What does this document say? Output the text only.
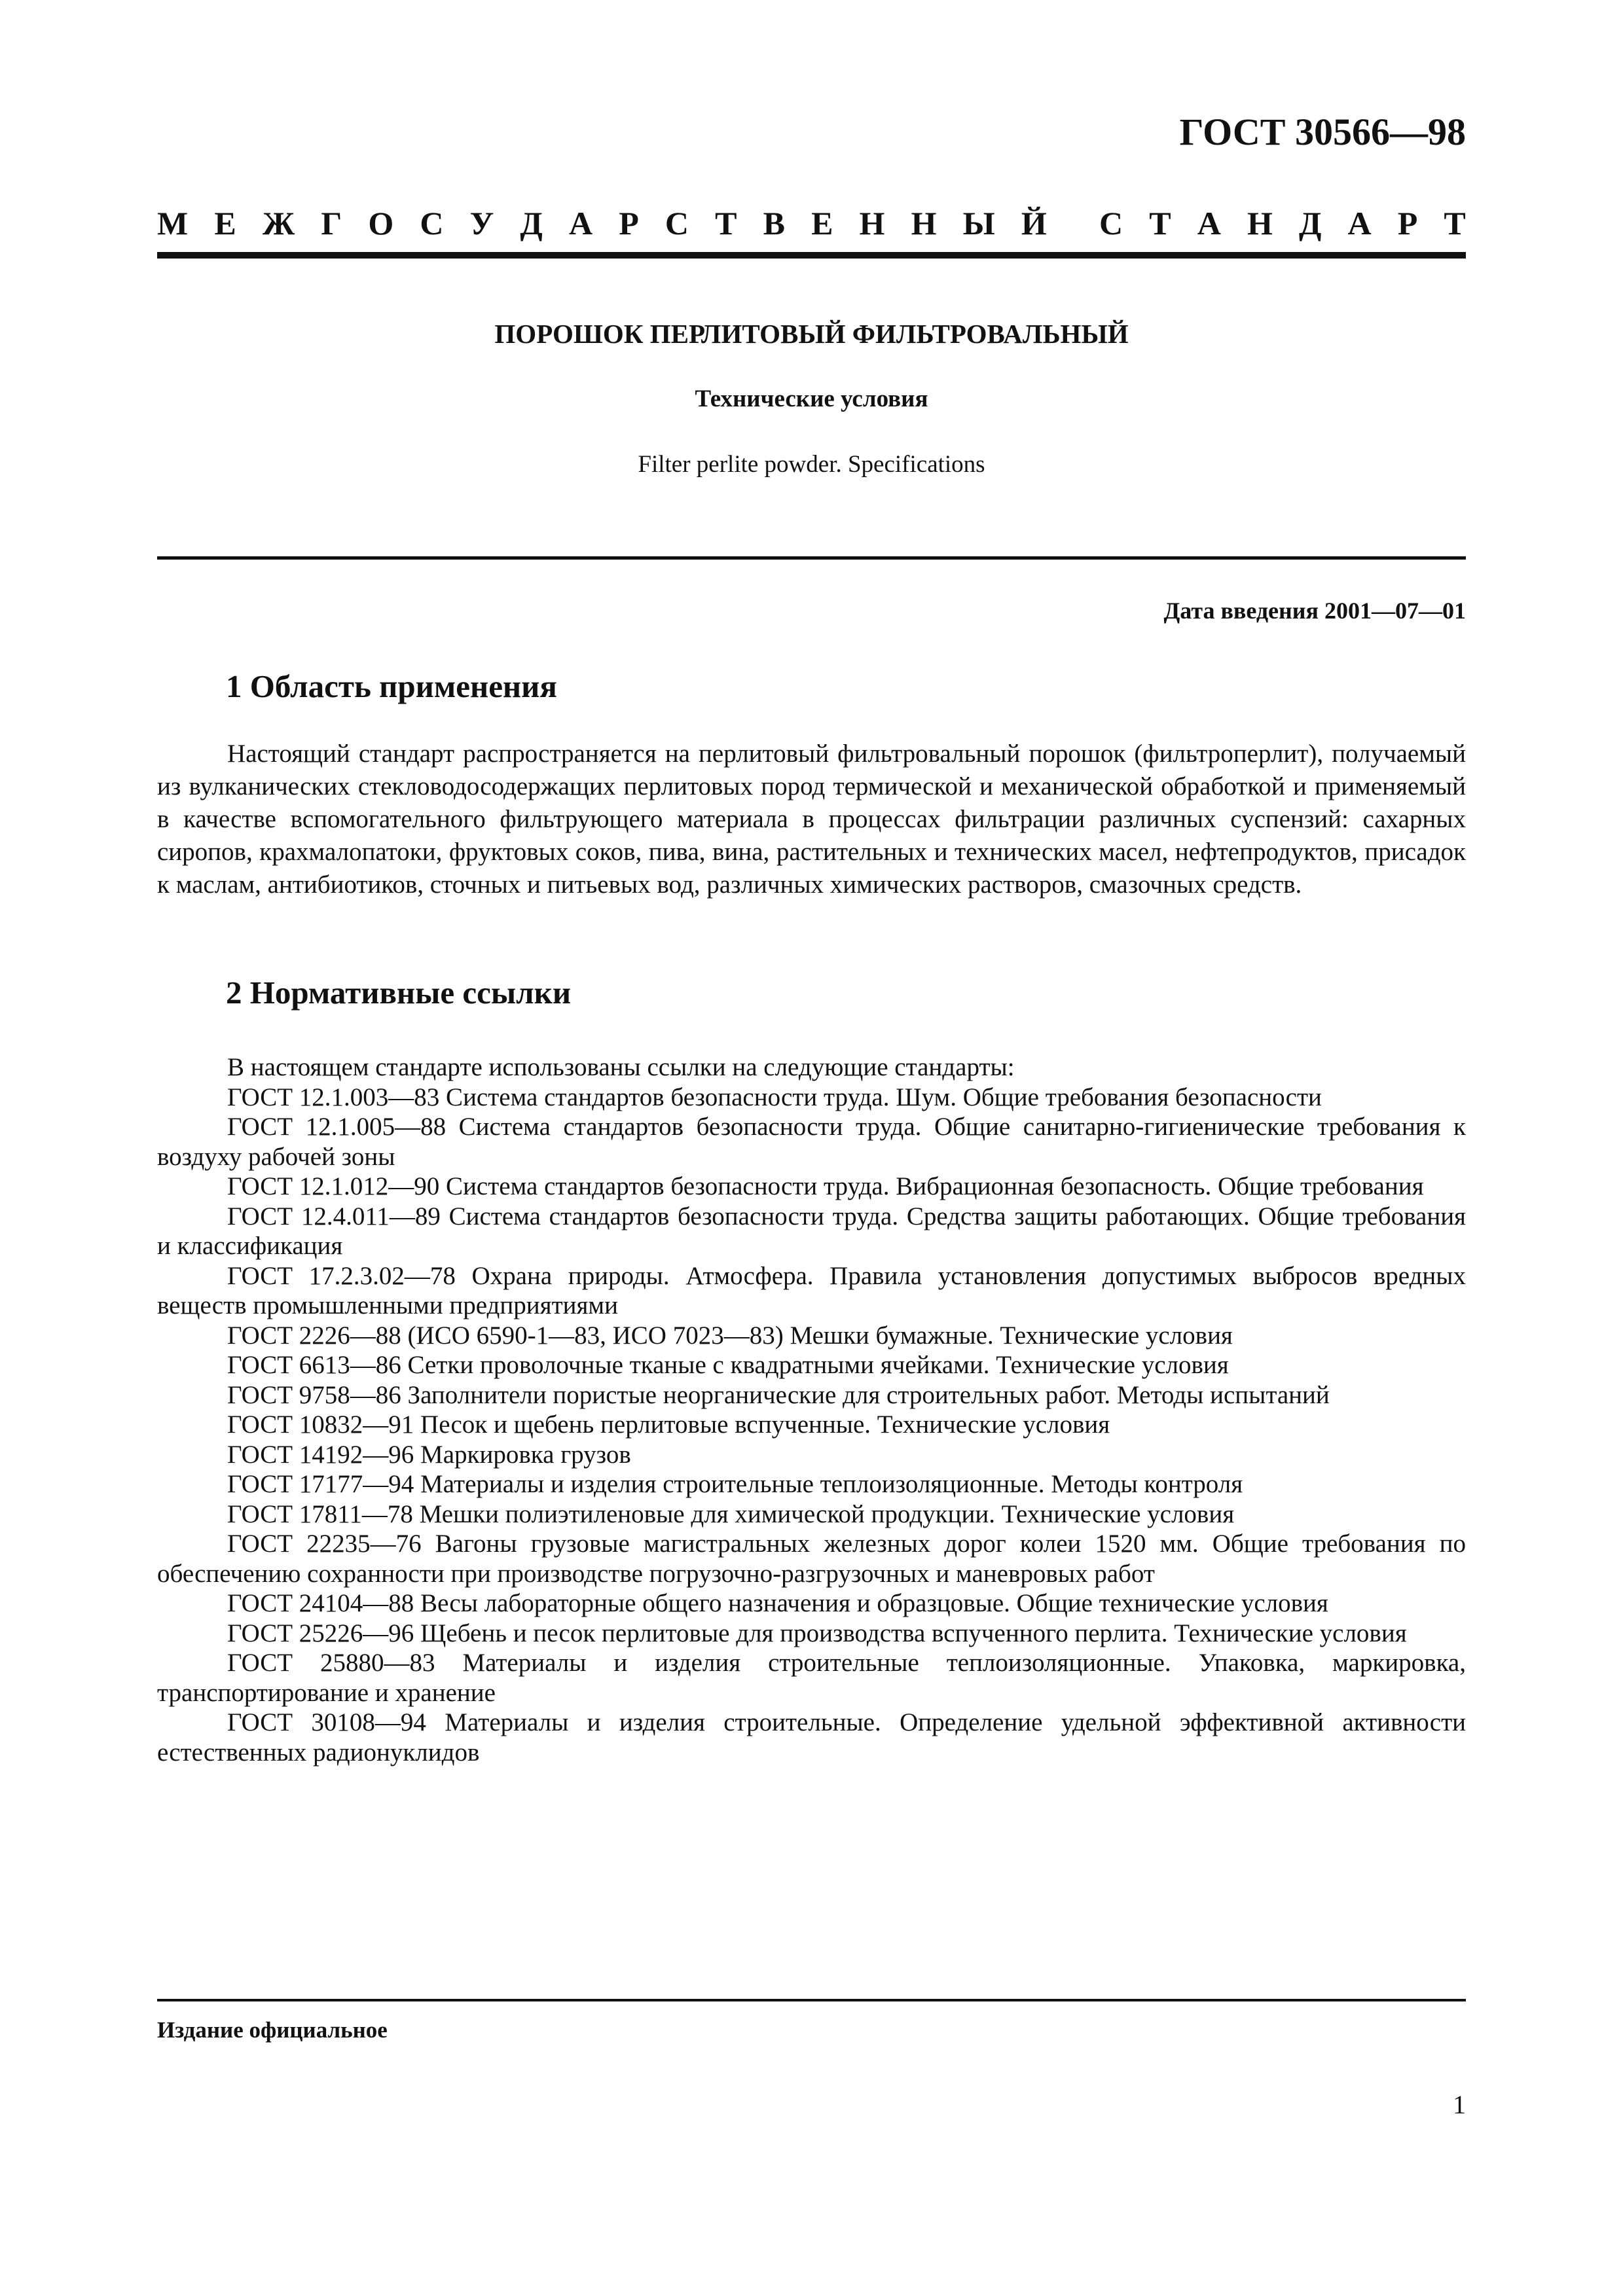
ГОСТ 30566—98

М Е Ж Г О С У Д А Р С Т В Е Н Н Ы Й С Т А Н Д А Р Т
ПОРОШОК ПЕРЛИТОВЫЙ ФИЛЬТРОВАЛЬНЫЙ

Технические условия

Filter perlite powder. Specifications

Дата введения 2001—07—01

1 Область применения

Настоящий стандарт распространяется на перлитовый фильтровальный порошок (фильтроперлит), получаемый из вулканических стекловодосодержащих перлитовых пород термической и механической обработкой и применяемый в качестве вспомогательного фильтрующего материала в процессах фильтрации различных суспензий: сахарных сиропов, крахмалопатоки, фруктовых соков, пива, вина, растительных и технических масел, нефтепродуктов, присадок к маслам, антибиотиков, сточных и питьевых вод, различных химических растворов, смазочных средств.

2 Нормативные ссылки

В настоящем стандарте использованы ссылки на следующие стандарты:

ГОСТ 12.1.003—83 Система стандартов безопасности труда. Шум. Общие требования безопасности

ГОСТ 12.1.005—88 Система стандартов безопасности труда. Общие санитарно-гигиенические требования к воздуху рабочей зоны

ГОСТ 12.1.012—90 Система стандартов безопасности труда. Вибрационная безопасность. Общие требования

ГОСТ 12.4.011—89 Система стандартов безопасности труда. Средства защиты работающих. Общие требования и классификация

ГОСТ 17.2.3.02—78 Охрана природы. Атмосфера. Правила установления допустимых выбросов вредных веществ промышленными предприятиями

ГОСТ 2226—88 (ИСО 6590-1—83, ИСО 7023—83) Мешки бумажные. Технические условия

ГОСТ 6613—86 Сетки проволочные тканые с квадратными ячейками. Технические условия

ГОСТ 9758—86 Заполнители пористые неорганические для строительных работ. Методы испытаний

ГОСТ 10832—91 Песок и щебень перлитовые вспученные. Технические условия

ГОСТ 14192—96 Маркировка грузов

ГОСТ 17177—94 Материалы и изделия строительные теплоизоляционные. Методы контроля

ГОСТ 17811—78 Мешки полиэтиленовые для химической продукции. Технические условия

ГОСТ 22235—76 Вагоны грузовые магистральных железных дорог колеи 1520 мм. Общие требования по обеспечению сохранности при производстве погрузочно-разгрузочных и маневровых работ

ГОСТ 24104—88 Весы лабораторные общего назначения и образцовые. Общие технические условия

ГОСТ 25226—96 Щебень и песок перлитовые для производства вспученного перлита. Технические условия

ГОСТ 25880—83 Материалы и изделия строительные теплоизоляционные. Упаковка, маркировка, транспортирование и хранение

ГОСТ 30108—94 Материалы и изделия строительные. Определение удельной эффективной активности естественных радионуклидов

Издание официальное

1
